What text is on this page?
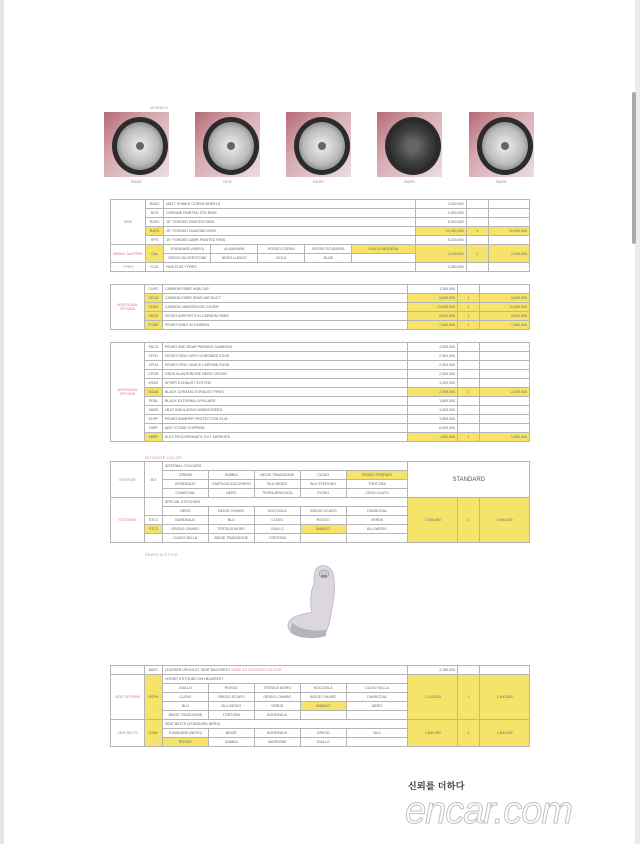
WHEELS
RASC	RCS	RASV	RAFS	RAFD
RIMS	RASC	MATT SHINED CORSA WHEELS					3,400,000		
	RCS	CHROME PAINTED STD RIMS					2,400,000		
	RASV	20" FORGED PAINTED RIMS					8,300,000		
	RAFD	20" FORGED DIAMOND RIMS					10,900,000	1	10,900,000
	RFS	20" FORGED DARK PAINTED RIMS					8,100,000		
BRAKE CALIPERS	CAL	STANDARD (NERO)	ALUMINIUM	ROSSO CORSA	ROSSO SCUDERIA	GIALLO MODENA	2,100,000	1	2,100,000
		GRIGIO SILVERSTONE	NERO LUCIDO	GOLD	BLUE				
TYRES	FLAT	RUN FLAT TYRES					5,350,000		
ADDITIONAL OPTIONS	CUPC	CARBON FIBRE HUB CAP	1,350,000		
	CEAD	CARBON FIBRE REAR AIR DUCT	5,600,000	1	5,600,000
	CDEA	CARBON UNDERDOOR COVER	11,600,000	1	11,600,000
	CEDE	FRONT AIRPORTS IN CARBON FIBRE	5,600,000	1	5,600,000
	FCWE	FRONT WING IN CARBON	7,800,000	1	7,800,000
ADDITIONAL OPTIONS	PACS	FRONT AND REAR PARKING CAMERAS	4,550,000		
	CPG1	FRONT GRILL WITH CHROMED EDGE	2,300,000		
	CPG4	FRONT GRILL BLACK CHROME EDGE	2,300,000		
	CPGR	GRIGLIA ANTERIORE NERO CROMO	2,300,000		
	ESAS	SPORT EXHAUST SYSTEM	1,200,000		
	DSAB	BLACK CERAMIC EXHAUST PIPES	2,300,000	1	2,300,000
	PEBL	BLACK EXTERNAL A PILLARS	1,800,000		
	WARI	HEAT INSULATING WINDSCREEN	1,600,000		
	DHPF	FRONT BUMPER PROTECTION FILM	3,850,000		
	DISP	ANTI STONE CHIPPING	6,500,000		
	MIRE	ELECTROCHROMATIC EXT. MIRRORS	1,800,000	1	1,800,000
INTERIOR COLOR
INTERIOR	INT	INTERNAL COLOURS					STANDARD		
		CREAM	SABBIA	BEIGE TRADIZIONE	CUOIO	ROSSO FERRARI			
		BORDEAUX	CARTA DA ZUCCHERO	BLU MEDIO	BLU STERLING	TORTORA			
		CHARCOAL	NERO	TERRA BRUCIATA	IROKO	CIOCCOLATO			
STITCHING		SPECIAL STITCHING					1,500,000	1	1,500,000
		NERO	BEIGE CHIARO	NOCCIOLA	GRIGIO SCURO	CHARCOAL			
	STC1	BORDEAUX	BLU	CUOIO	ROSSO	VERDE			
	STC2	GRIGIO CHIARO	TESTA DI MORO	GIALLO	BIANCO	BLU MEDIO			
		CUOIO SELLA	BEIGE TRADIZIONE	TORTORA					
SEATS & STYLE
	BAEY	LEATHER UPHOLST. SEAT BACKREST SAME AS INTERIOR COLOUR					2,150,000		
SEAT OPTIONS	DSPH	HORSE STITCHED ON HEADREST					1,100,000	1	1,100,000
		GIALLO	ROSSO	TESTA DI MORO	NOCCIOLA	CUOIO SELLA			
		CUOIO	GRIGIO SCURO	GRIGIO CHIARO	BEIGE CHIARO	CHARCOAL			
		BLU	BLU MEDIO	VERDE	BIANCO	NERO			
		BEIGE TRADIZIONE	TORTORA	BORDEAUX					
SEAT BELTS	CSB1	SEAT BELTS (STANDARD NERO)					1,800,000	1	1,800,000
		STANDARD (NERO)	BEIGE	BORDEAUX	GRIGIO	BLU			
		ROSSO	SABBIA	MARRONE	GIALLO				
신뢰를 더하다
encar.com
